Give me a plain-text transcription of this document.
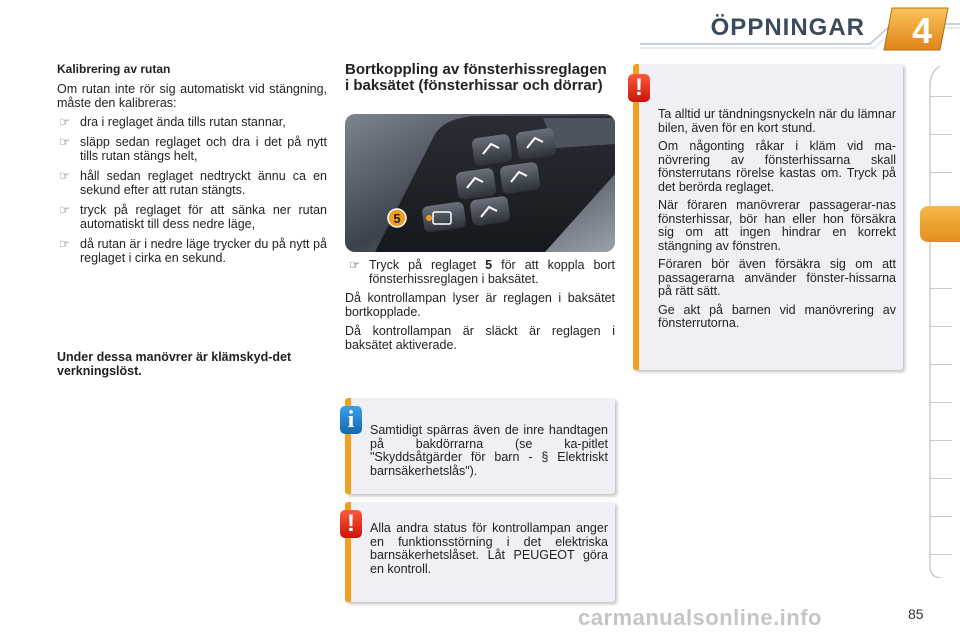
ÖPPNINGAR 4

Kalibrering av rutan

Om rutan inte rör sig automatiskt vid stängning, måste den kalibreras:

☞ dra i reglaget ända tills rutan stannar,
☞ släpp sedan reglaget och dra i det på nytt tills rutan stängs helt,
☞ håll sedan reglaget nedtryckt ännu ca en sekund efter att rutan stängts.
☞ tryck på reglaget för att sänka ner rutan automatiskt till dess nedre läge,
☞ då rutan är i nedre läge trycker du på nytt på reglaget i cirka en sekund.
Under dessa manövrer är klämskyd-det verkningslöst.

Bortkoppling av fönsterhissreglagen i baksätet (fönsterhissar och dörrar)

5

☞ Tryck på reglaget 5 för att koppla bort fönsterhissreglagen i baksätet.

Då kontrollampan lyser är reglagen i baksätet bortkopplade.

Då kontrollampan är släckt är reglagen i baksätet aktiverade.

!

Ta alltid ur tändningsnyckeln när du lämnar bilen, även för en kort stund.

Om någonting råkar i kläm vid ma-növrering av fönsterhissarna skall fönsterrutans rörelse kastas om. Tryck på det berörda reglaget.

När föraren manövrerar passagerar-nas fönsterhissar, bör han eller hon försäkra sig om att ingen hindrar en korrekt stängning av fönstren.

Föraren bör även försäkra sig om att passagerarna använder fönster-hissarna på rätt sätt.

Ge akt på barnen vid manövrering av fönsterrutorna.

i	Samtidigt spärras även de inre handtagen på bakdörrarna (se ka-pitlet "Skyddsåtgärder för barn - § Elektriskt barnsäkerhetslås").
!	Alla andra status för kontrollampan anger en funktionsstörning i det elektriska barnsäkerhetslåset. Låt PEUGEOT göra en kontroll.
carmanualsonline.info	85
